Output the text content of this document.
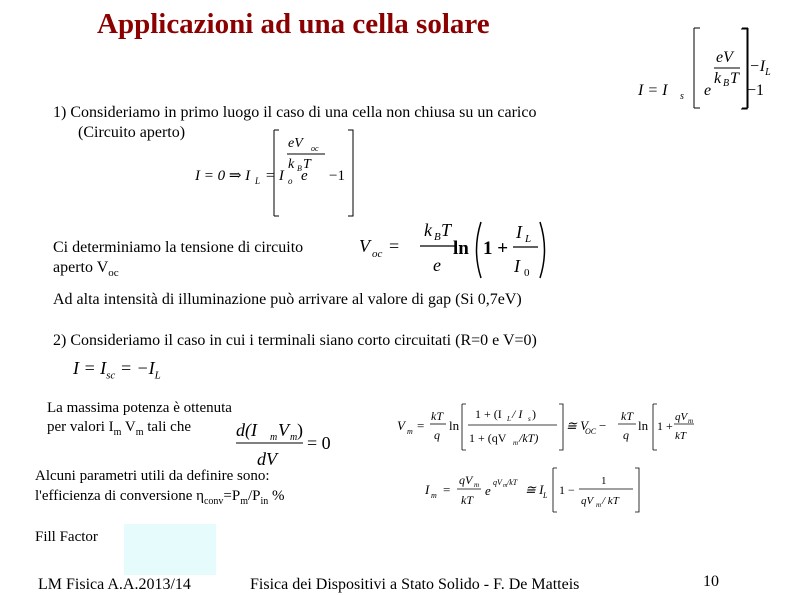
Applicazioni ad una cella solare
I = I s e
eV
k B T
−1
$-I_L$
1) Consideriamo in primo luogo il caso di una cella non chiusa su un carico
(Circuito aperto)
I = 0 ⇒ I L = I o e
eV oc
k B T
−1
Ci determiniamo la tensione di circuito
aperto $V_{oc}$
V oc =
k B T
e
ln 1 +
I L
I 0
Ad alta intensità di illuminazione può arrivare al valore di gap (Si 0,7eV)
2) Consideriamo il caso in cui i terminali siano corto circuitati (R=0 e V=0)
$I = I_{sc} = -I_L$
La massima potenza è ottenuta
per valori $I_m$ $V_m$ tali che	d(I m V m )
dV
= 0
V m =
kT
q
ln
1 + (I L / I s )
1 + (qV m /kT)
≅ V
OC −
kT
q
ln 1 +
qV m
kT
Alcuni parametri utili da definire sono:
l'efficienza di conversione $\eta_{conv}=P_m/P_{in}$ %	I m =
qV m
kT
e
qV m /kT ≅ I L 1 −
1
qV m / kT
Fill Factor
LM Fisica A.A.2013/14	Fisica dei Dispositivi a Stato Solido - F. De Matteis	10
